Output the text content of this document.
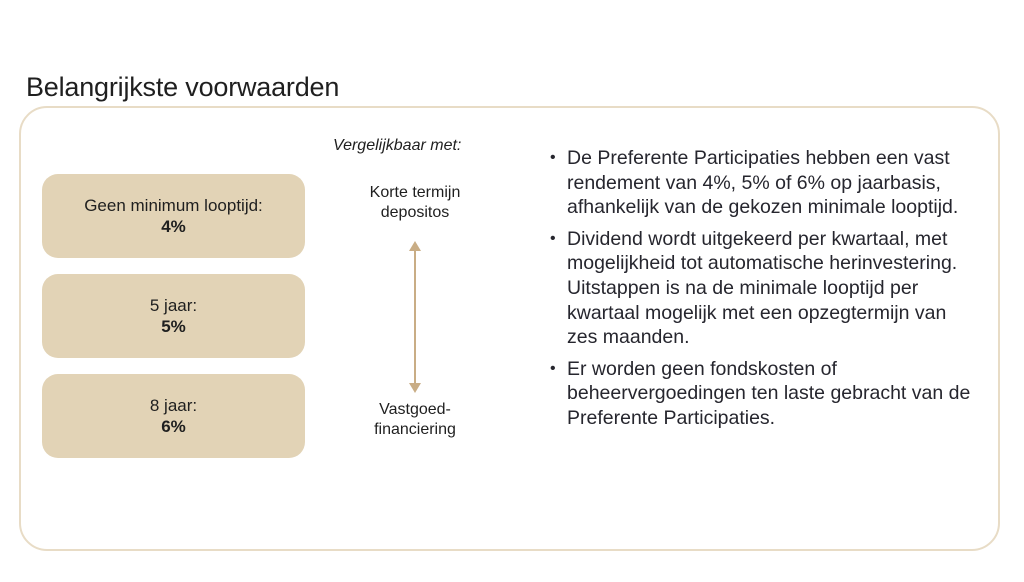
Belangrijkste voorwaarden
Geen minimum looptijd:
4%
5 jaar:
5%
8 jaar:
6%
Vergelijkbaar met:
Korte termijn depositos
Vastgoed-financiering
• De Preferente Participaties hebben een vast rendement van 4%, 5% of 6% op jaarbasis, afhankelijk van de gekozen minimale looptijd.
• Dividend wordt uitgekeerd per kwartaal, met mogelijkheid tot automatische herinvestering. Uitstappen is na de minimale looptijd per kwartaal mogelijk met een opzegtermijn van zes maanden.
• Er worden geen fondskosten of beheervergoedingen ten laste gebracht van de Preferente Participaties.
